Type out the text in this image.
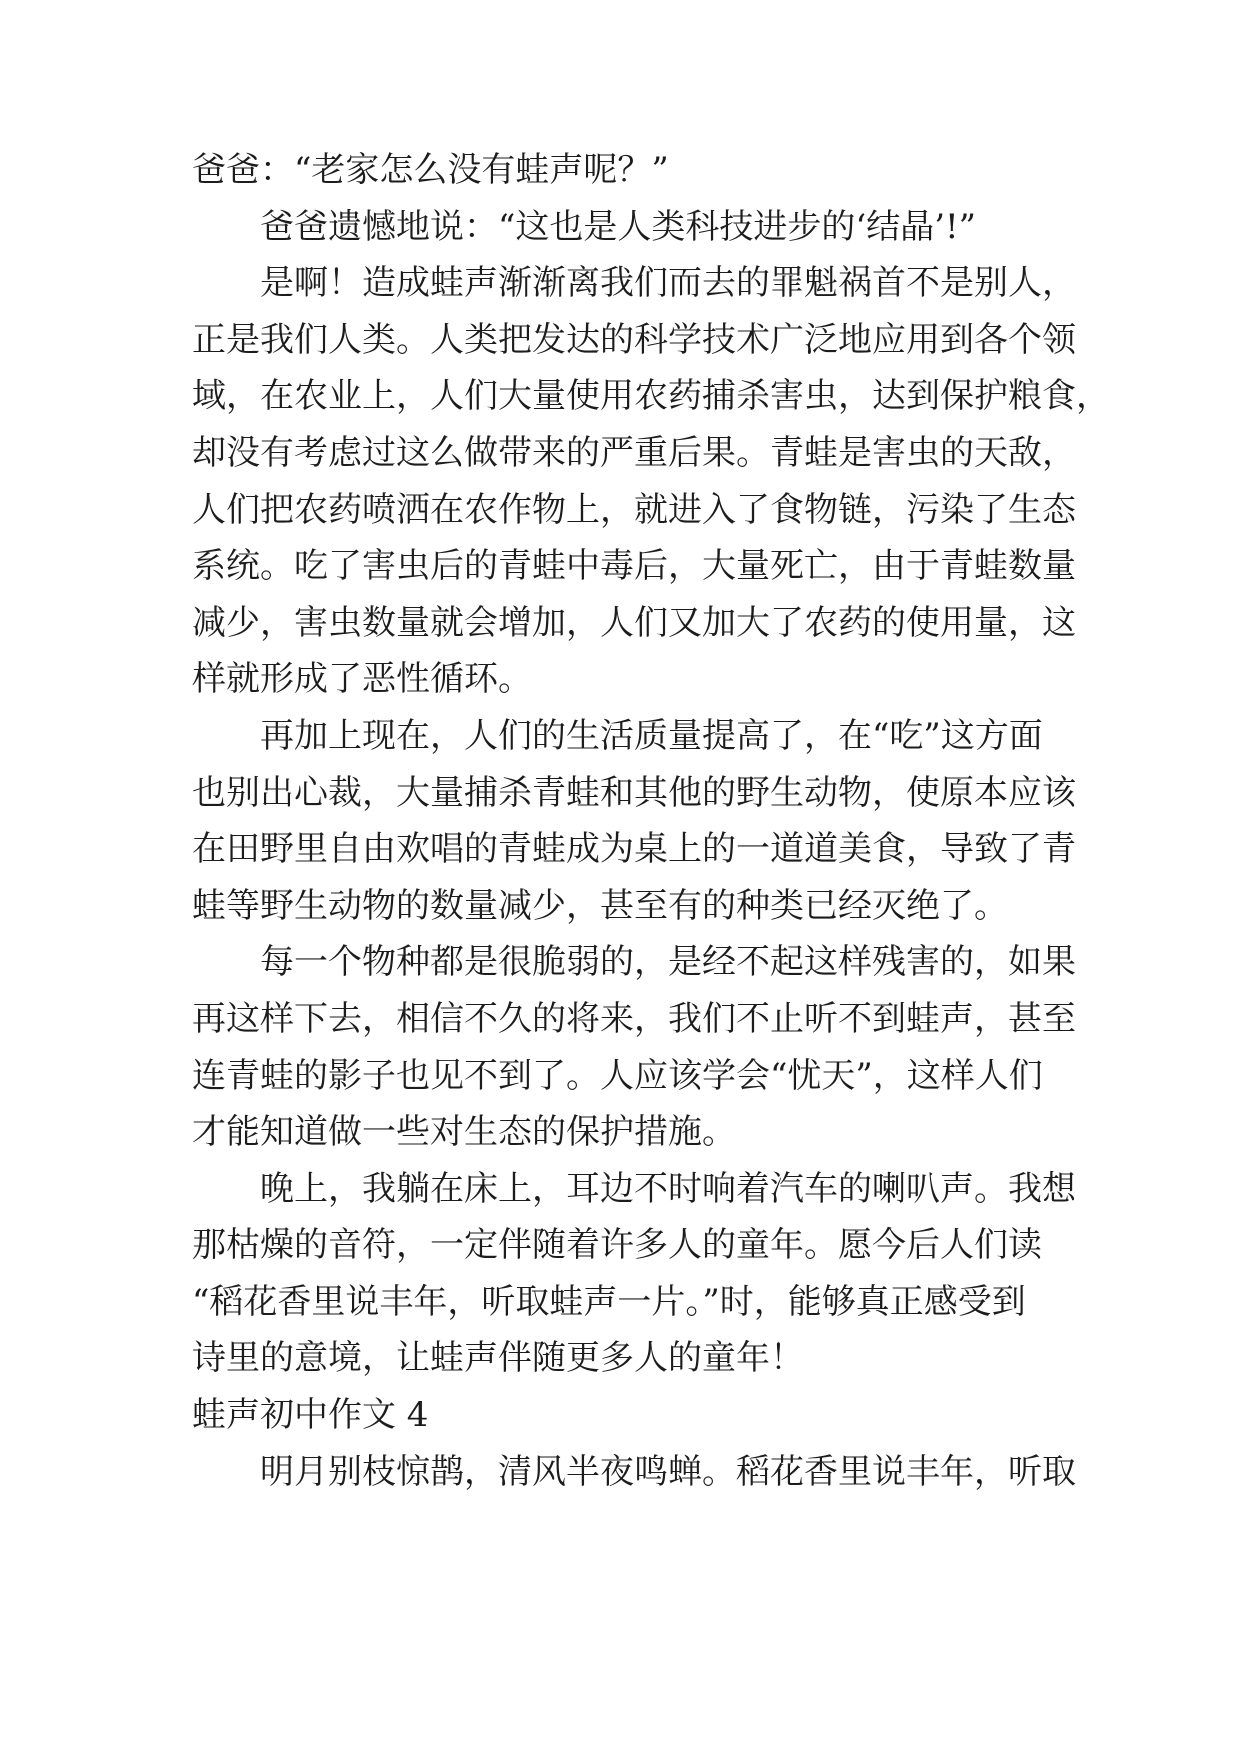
爸爸：“老家怎么没有蛙声呢？”

爸爸遗憾地说：“这也是人类科技进步的‘结晶’!”

是啊！造成蛙声渐渐离我们而去的罪魁祸首不是别人，

正是我们人类。人类把发达的科学技术广泛地应用到各个领

域，在农业上，人们大量使用农药捕杀害虫，达到保护粮食，

却没有考虑过这么做带来的严重后果。青蛙是害虫的天敌，

人们把农药喷洒在农作物上，就进入了食物链，污染了生态

系统。吃了害虫后的青蛙中毒后，大量死亡，由于青蛙数量

减少，害虫数量就会增加，人们又加大了农药的使用量，这

样就形成了恶性循环。

再加上现在，人们的生活质量提高了，在“吃”这方面

也别出心裁，大量捕杀青蛙和其他的野生动物，使原本应该

在田野里自由欢唱的青蛙成为桌上的一道道美食，导致了青

蛙等野生动物的数量减少，甚至有的种类已经灭绝了。

每一个物种都是很脆弱的，是经不起这样残害的，如果

再这样下去，相信不久的将来，我们不止听不到蛙声，甚至

连青蛙的影子也见不到了。人应该学会“忧天”，这样人们

才能知道做一些对生态的保护措施。

晚上，我躺在床上，耳边不时响着汽车的喇叭声。我想

那枯燥的音符，一定伴随着许多人的童年。愿今后人们读

“稻花香里说丰年，听取蛙声一片。”时，能够真正感受到

诗里的意境，让蛙声伴随更多人的童年！

蛙声初中作文 4

明月别枝惊鹊，清风半夜鸣蝉。稻花香里说丰年，听取
